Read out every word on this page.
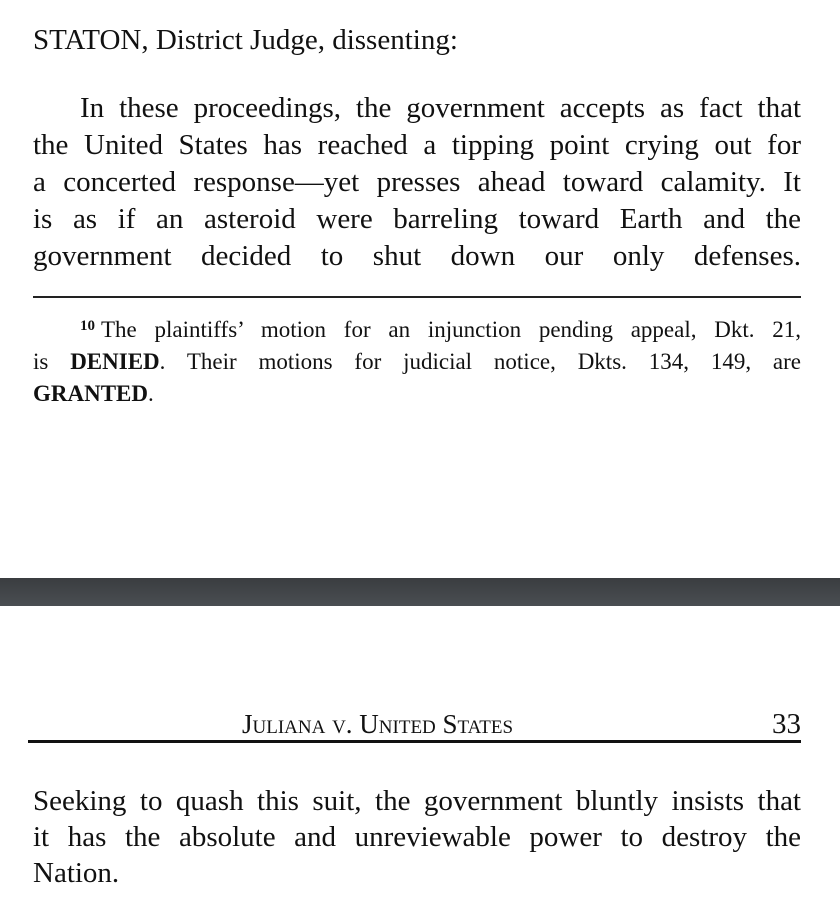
STATON, District Judge, dissenting:
In these proceedings, the government accepts as fact that
the United States has reached a tipping point crying out for
a concerted response—yet presses ahead toward calamity. It
is as if an asteroid were barreling toward Earth and the
government decided to shut down our only defenses.
$^{10}$ The plaintiffs’ motion for an injunction pending appeal, Dkt. 21,
is DENIED. Their motions for judicial notice, Dkts. 134, 149, are
GRANTED.
Juliana v. United States	33
Seeking to quash this suit, the government bluntly insists that
it has the absolute and unreviewable power to destroy the
Nation.
